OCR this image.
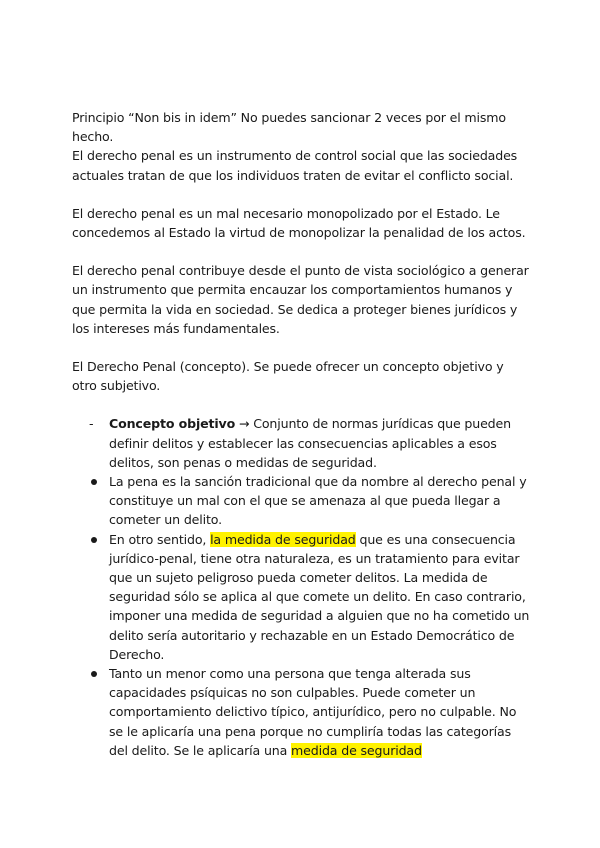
Principio “Non bis in idem” No puedes sancionar 2 veces por el mismo hecho.

El derecho penal es un instrumento de control social que las sociedades actuales tratan de que los individuos traten de evitar el conflicto social.

El derecho penal es un mal necesario monopolizado por el Estado. Le concedemos al Estado la virtud de monopolizar la penalidad de los actos.

El derecho penal contribuye desde el punto de vista sociológico a generar un instrumento que permita encauzar los comportamientos humanos y que permita la vida en sociedad. Se dedica a proteger bienes jurídicos y los intereses más fundamentales.

El Derecho Penal (concepto). Se puede ofrecer un concepto objetivo y otro subjetivo.

-	Concepto objetivo → Conjunto de normas jurídicas que pueden definir delitos y establecer las consecuencias aplicables a esos delitos, son penas o medidas de seguridad.
La pena es la sanción tradicional que da nombre al derecho penal y constituye un mal con el que se amenaza al que pueda llegar a cometer un delito.
En otro sentido, la medida de seguridad que es una consecuencia jurídico-penal, tiene otra naturaleza, es un tratamiento para evitar que un sujeto peligroso pueda cometer delitos. La medida de seguridad sólo se aplica al que comete un delito. En caso contrario, imponer una medida de seguridad a alguien que no ha cometido un delito sería autoritario y rechazable en un Estado Democrático de Derecho.
Tanto un menor como una persona que tenga alterada sus capacidades psíquicas no son culpables. Puede cometer un comportamiento delictivo típico, antijurídico, pero no culpable. No se le aplicaría una pena porque no cumpliría todas las categorías del delito. Se le aplicaría una medida de seguridad
